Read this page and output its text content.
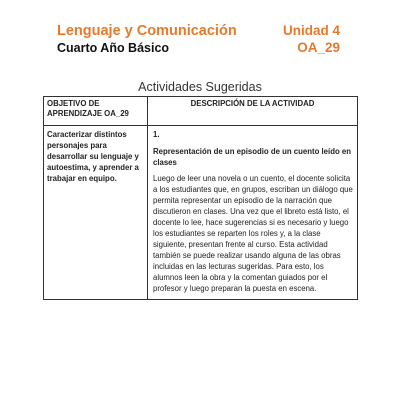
Lenguaje y Comunicación
Cuarto Año Básico
Unidad 4
OA_29
Actividades Sugeridas
OBJETIVO DE APRENDIZAJE OA_29	DESCRIPCIÓN DE LA ACTIVIDAD
Caracterizar distintos personajes para desarrollar su lenguaje y autoestima, y aprender a trabajar en equipo.	1.
Representación de un episodio de un cuento leído en clases
Luego de leer una novela o un cuento, el docente solicita a los estudiantes que, en grupos, escriban un diálogo que permita representar un episodio de la narración que discutieron en clases. Una vez que el libreto está listo, el docente lo lee, hace sugerencias si es necesario y luego los estudiantes se reparten los roles y, a la clase siguiente, presentan frente al curso. Esta actividad también se puede realizar usando alguna de las obras incluidas en las lecturas sugeridas. Para esto, los alumnos leen la obra y la comentan guiados por el profesor y luego preparan la puesta en escena.
